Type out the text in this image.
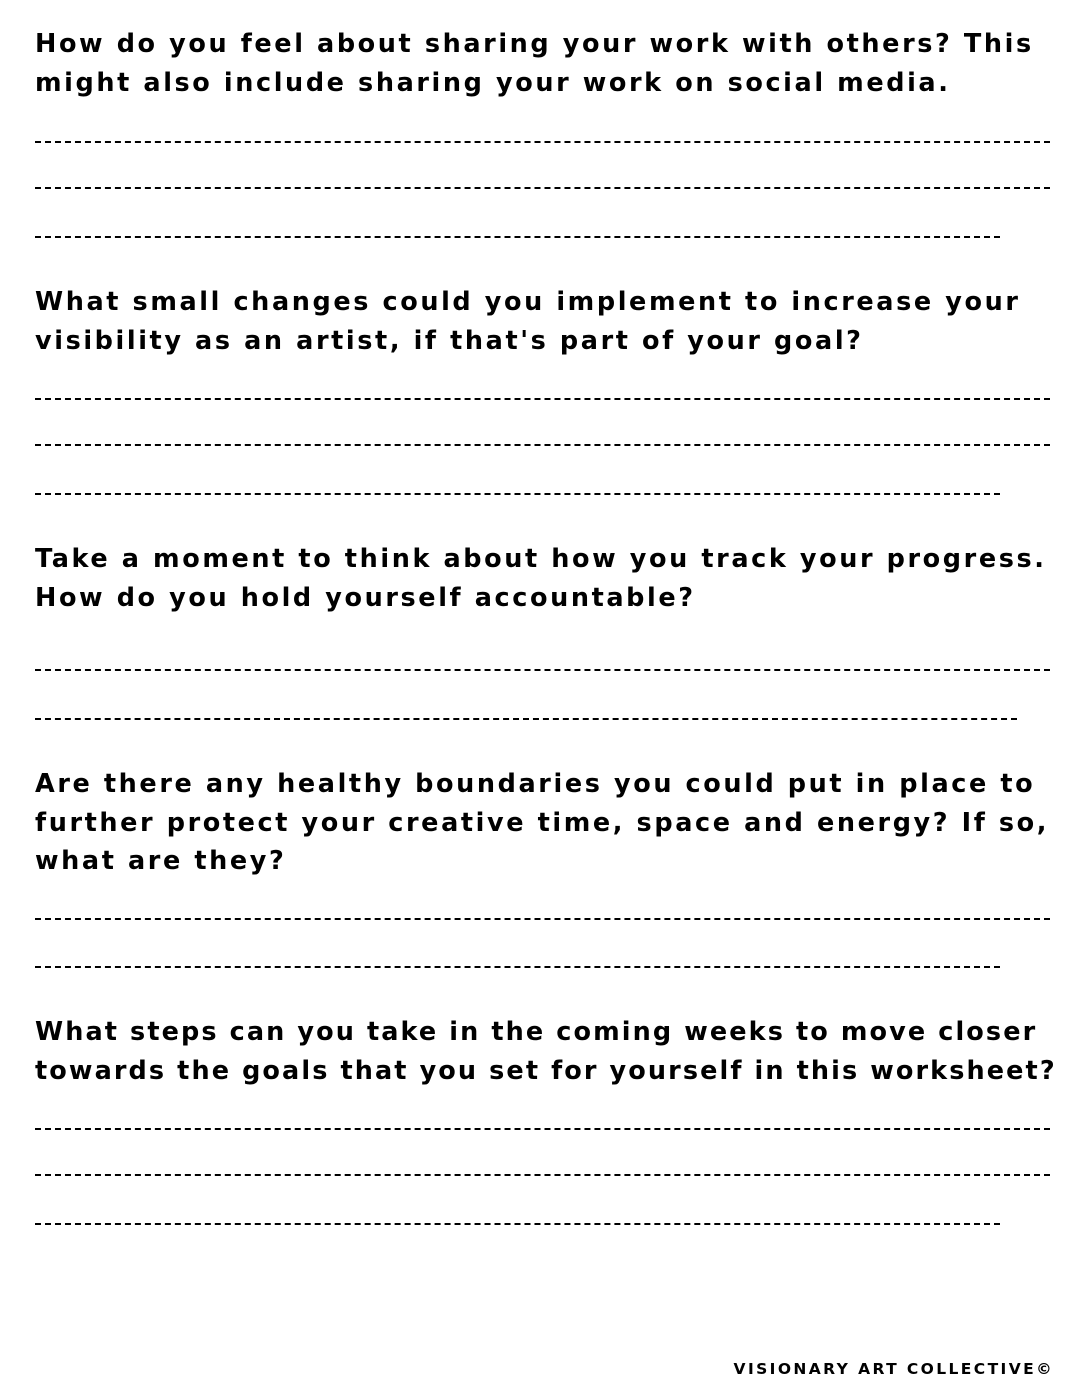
How do you feel about sharing your work with others? This
might also include sharing your work on social media.
What small changes could you implement to increase your
visibility as an artist, if that's part of your goal?
Take a moment to think about how you track your progress.
How do you hold yourself accountable?
Are there any healthy boundaries you could put in place to
further protect your creative time, space and energy? If so,
what are they?
What steps can you take in the coming weeks to move closer
towards the goals that you set for yourself in this worksheet?
VISIONARY ART COLLECTIVE©
